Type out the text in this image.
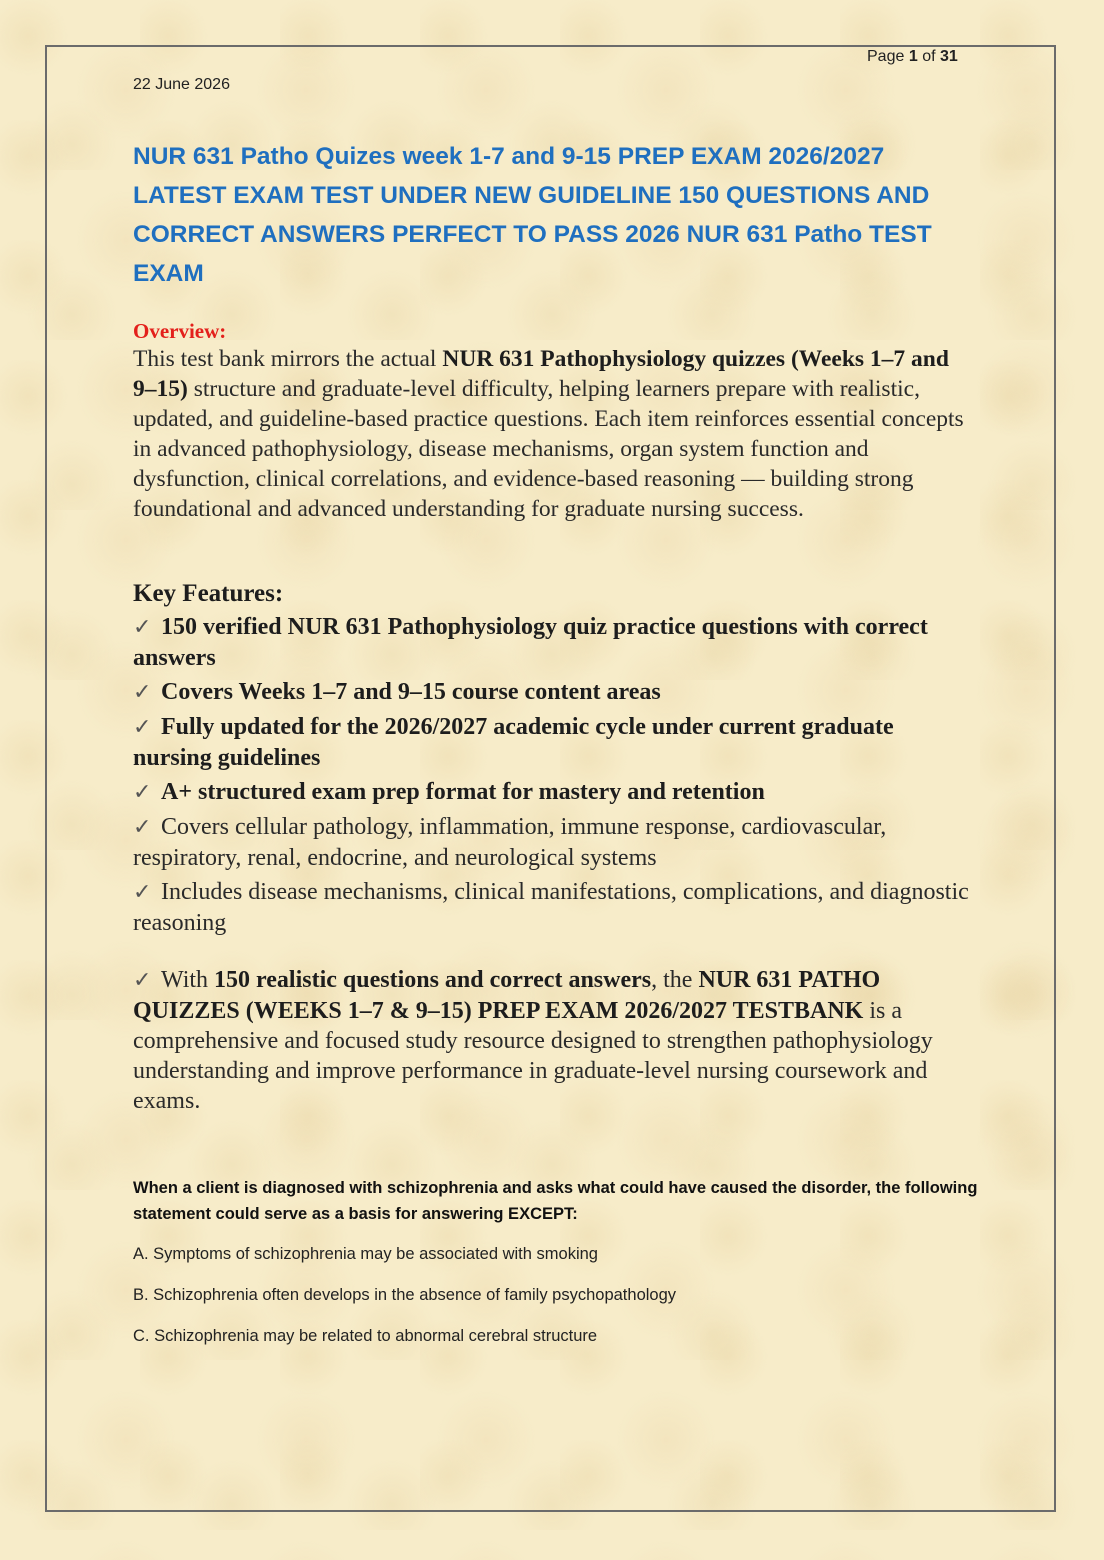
Page 1 of 31
22 June 2026
NUR 631 Patho Quizes week 1-7 and 9-15 PREP EXAM 2026/2027 LATEST EXAM TEST UNDER NEW GUIDELINE 150 QUESTIONS AND CORRECT ANSWERS PERFECT TO PASS 2026 NUR 631 Patho TEST EXAM
Overview:
This test bank mirrors the actual NUR 631 Pathophysiology quizzes (Weeks 1–7 and 9–15) structure and graduate-level difficulty, helping learners prepare with realistic, updated, and guideline-based practice questions. Each item reinforces essential concepts in advanced pathophysiology, disease mechanisms, organ system function and dysfunction, clinical correlations, and evidence-based reasoning — building strong foundational and advanced understanding for graduate nursing success.
Key Features:
✓ 150 verified NUR 631 Pathophysiology quiz practice questions with correct answers
✓ Covers Weeks 1–7 and 9–15 course content areas
✓ Fully updated for the 2026/2027 academic cycle under current graduate nursing guidelines
✓ A+ structured exam prep format for mastery and retention
✓ Covers cellular pathology, inflammation, immune response, cardiovascular, respiratory, renal, endocrine, and neurological systems
✓ Includes disease mechanisms, clinical manifestations, complications, and diagnostic reasoning
✓ With 150 realistic questions and correct answers, the NUR 631 PATHO QUIZZES (WEEKS 1–7 & 9–15) PREP EXAM 2026/2027 TESTBANK is a comprehensive and focused study resource designed to strengthen pathophysiology understanding and improve performance in graduate-level nursing coursework and exams.
When a client is diagnosed with schizophrenia and asks what could have caused the disorder, the following statement could serve as a basis for answering EXCEPT:
A. Symptoms of schizophrenia may be associated with smoking
B. Schizophrenia often develops in the absence of family psychopathology
C. Schizophrenia may be related to abnormal cerebral structure
